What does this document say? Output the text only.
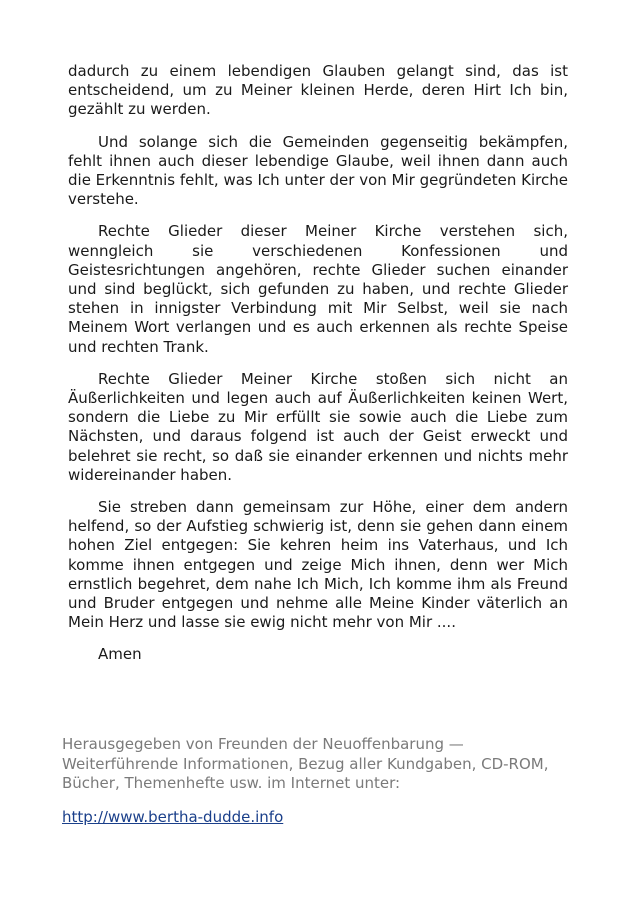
dadurch zu einem lebendigen Glauben gelangt sind, das ist entscheidend, um zu Meiner kleinen Herde, deren Hirt Ich bin, gezählt zu werden.

Und solange sich die Gemeinden gegenseitig bekämpfen, fehlt ihnen auch dieser lebendige Glaube, weil ihnen dann auch die Erkenntnis fehlt, was Ich unter der von Mir gegründeten Kirche verstehe.

Rechte Glieder dieser Meiner Kirche verstehen sich, wenngleich sie verschiedenen Konfessionen und Geistesrichtungen angehören, rechte Glieder suchen einander und sind beglückt, sich gefunden zu haben, und rechte Glieder stehen in innigster Verbindung mit Mir Selbst, weil sie nach Meinem Wort verlangen und es auch erkennen als rechte Speise und rechten Trank.

Rechte Glieder Meiner Kirche stoßen sich nicht an Äußerlichkeiten und legen auch auf Äußerlichkeiten keinen Wert, sondern die Liebe zu Mir erfüllt sie sowie auch die Liebe zum Nächsten, und daraus folgend ist auch der Geist erweckt und belehret sie recht, so daß sie einander erkennen und nichts mehr widereinander haben.

Sie streben dann gemeinsam zur Höhe, einer dem andern helfend, so der Aufstieg schwierig ist, denn sie gehen dann einem hohen Ziel entgegen: Sie kehren heim ins Vaterhaus, und Ich komme ihnen entgegen und zeige Mich ihnen, denn wer Mich ernstlich begehret, dem nahe Ich Mich, Ich komme ihm als Freund und Bruder entgegen und nehme alle Meine Kinder väterlich an Mein Herz und lasse sie ewig nicht mehr von Mir ....

Amen
Herausgegeben von Freunden der Neuoffenbarung — Weiterführende Informationen, Bezug aller Kundgaben, CD-ROM, Bücher, Themenhefte usw. im Internet unter:
http://www.bertha-dudde.info
